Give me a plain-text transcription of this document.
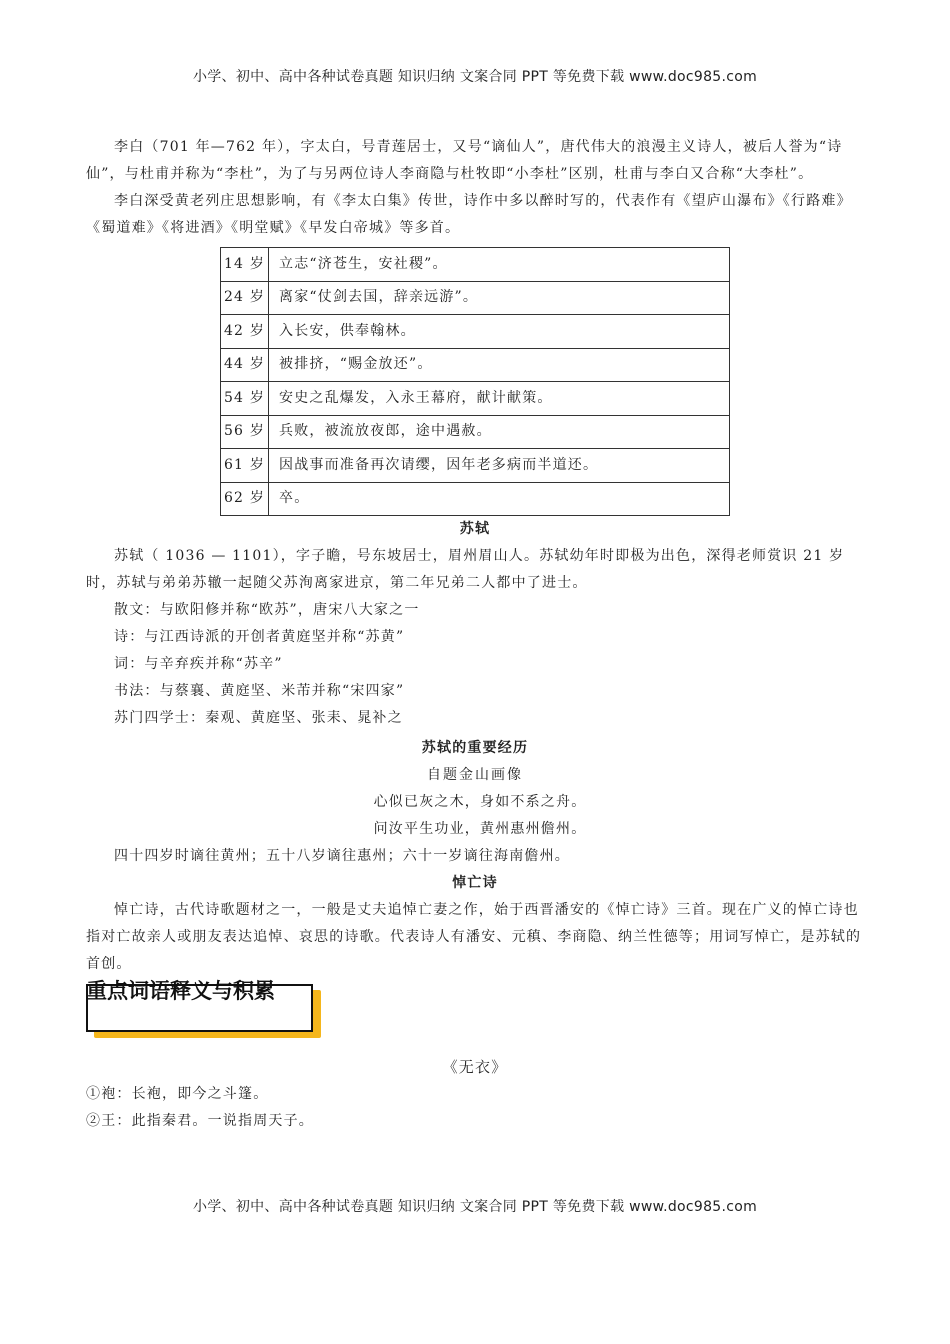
小学、初中、高中各种试卷真题 知识归纳 文案合同 PPT 等免费下载 www.doc985.com

李白（701 年—762 年），字太白，号青莲居士，又号“谪仙人”，唐代伟大的浪漫主义诗人，被后人誉为“诗仙”，与杜甫并称为“李杜”，为了与另两位诗人李商隐与杜牧即“小李杜”区别，杜甫与李白又合称“大李杜”。

李白深受黄老列庄思想影响，有《李太白集》传世，诗作中多以醉时写的，代表作有《望庐山瀑布》《行路难》《蜀道难》《将进酒》《明堂赋》《早发白帝城》等多首。

14 岁	立志“济苍生，安社稷”。
24 岁	离家“仗剑去国，辞亲远游”。
42 岁	入长安，供奉翰林。
44 岁	被排挤，“赐金放还”。
54 岁	安史之乱爆发，入永王幕府，献计献策。
56 岁	兵败，被流放夜郎，途中遇赦。
61 岁	因战事而准备再次请缨，因年老多病而半道还。
62 岁	卒。

苏轼

苏轼（ 1036 — 1101），字子瞻，号东坡居士，眉州眉山人。苏轼幼年时即极为出色，深得老师赏识 21 岁时，苏轼与弟弟苏辙一起随父苏洵离家进京，第二年兄弟二人都中了进士。

散文：与欧阳修并称“欧苏”，唐宋八大家之一

诗：与江西诗派的开创者黄庭坚并称“苏黄”

词：与辛弃疾并称“苏辛”

书法：与蔡襄、黄庭坚、米芾并称“宋四家”

苏门四学士：秦观、黄庭坚、张耒、晁补之

苏轼的重要经历

自题金山画像

心似已灰之木，身如不系之舟。

问汝平生功业，黄州惠州儋州。

四十四岁时谪往黄州；五十八岁谪往惠州；六十一岁谪往海南儋州。

悼亡诗

悼亡诗，古代诗歌题材之一，一般是丈夫追悼亡妻之作，始于西晋潘安的《悼亡诗》三首。现在广义的悼亡诗也指对亡故亲人或朋友表达追悼、哀思的诗歌。代表诗人有潘安、元稹、李商隐、纳兰性德等；用词写悼亡，是苏轼的首创。

重点词语释义与积累

《无衣》

①袍：长袍，即今之斗篷。

②王：此指秦君。一说指周天子。

小学、初中、高中各种试卷真题 知识归纳 文案合同 PPT 等免费下载 www.doc985.com
